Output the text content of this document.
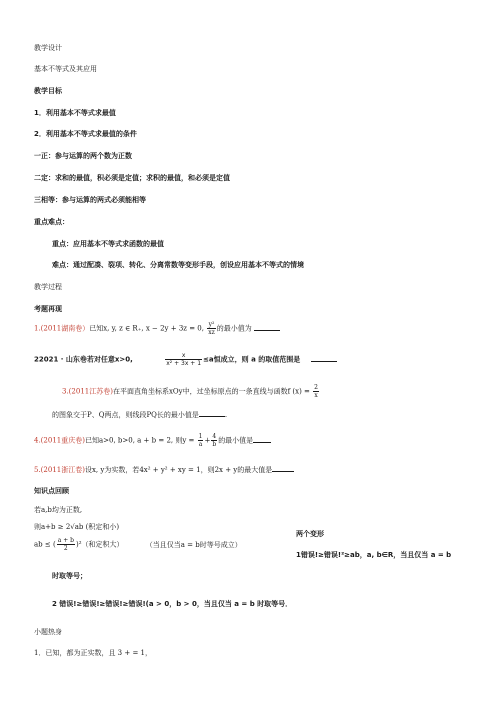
教学设计
基本不等式及其应用
教学目标
1．利用基本不等式求最值
2．利用基本不等式求最值的条件
一正：参与运算的两个数为正数
二定：求和的最值，积必须是定值；求积的最值，和必须是定值
三相等：参与运算的两式必须能相等
重点难点：
重点：应用基本不等式求函数的最值
难点：通过配凑、裂项、转化、分离常数等变形手段，创设应用基本不等式的情境
教学过程
考题再现
1.(2011湖南卷）已知x, y, z ∈ R₊, x − 2y + 3z = 0, $\frac{\text{y²}}{xz}$ 的最小值为
22021 · 山东卷若对任意x>0,	$\frac{x}{\text{x² + 3x + 1}} \le a$恒成立，则 a 的取值范围是
3.(2011江苏卷)在平面直角坐标系xOy中，过坐标原点的一条直线与函数f $(x) = \frac{2}{x}$
的图象交于P、Q两点，则线段PQ长的最小值是	.
4.(2011重庆卷)已知a>0, b>0, a + b = 2, 则$y = \frac{1}{a} + \frac{4}{b}$ 的最小值是
5.(2011浙江卷)设x, y为实数，若4x² + y² + xy = 1，则2x + y的最大值是
知识点回顾
若a,b均为正数,
则a+b ≥ 2√ab (积定和小)
ab ≤ ( $\frac{a + b}{2} )^2$（和定积大）	（当且仅当a = b时等号成立）
两个变形
1错误!≥错误!²≥ab，a, b∈R，当且仅当 a = b
时取等号；
2 错误!≥错误!≥错误!≥错误!(a > 0，b > 0，当且仅当 a = b 时取等号．
小题热身
1．已知，都为正实数，且 3 + = 1，
